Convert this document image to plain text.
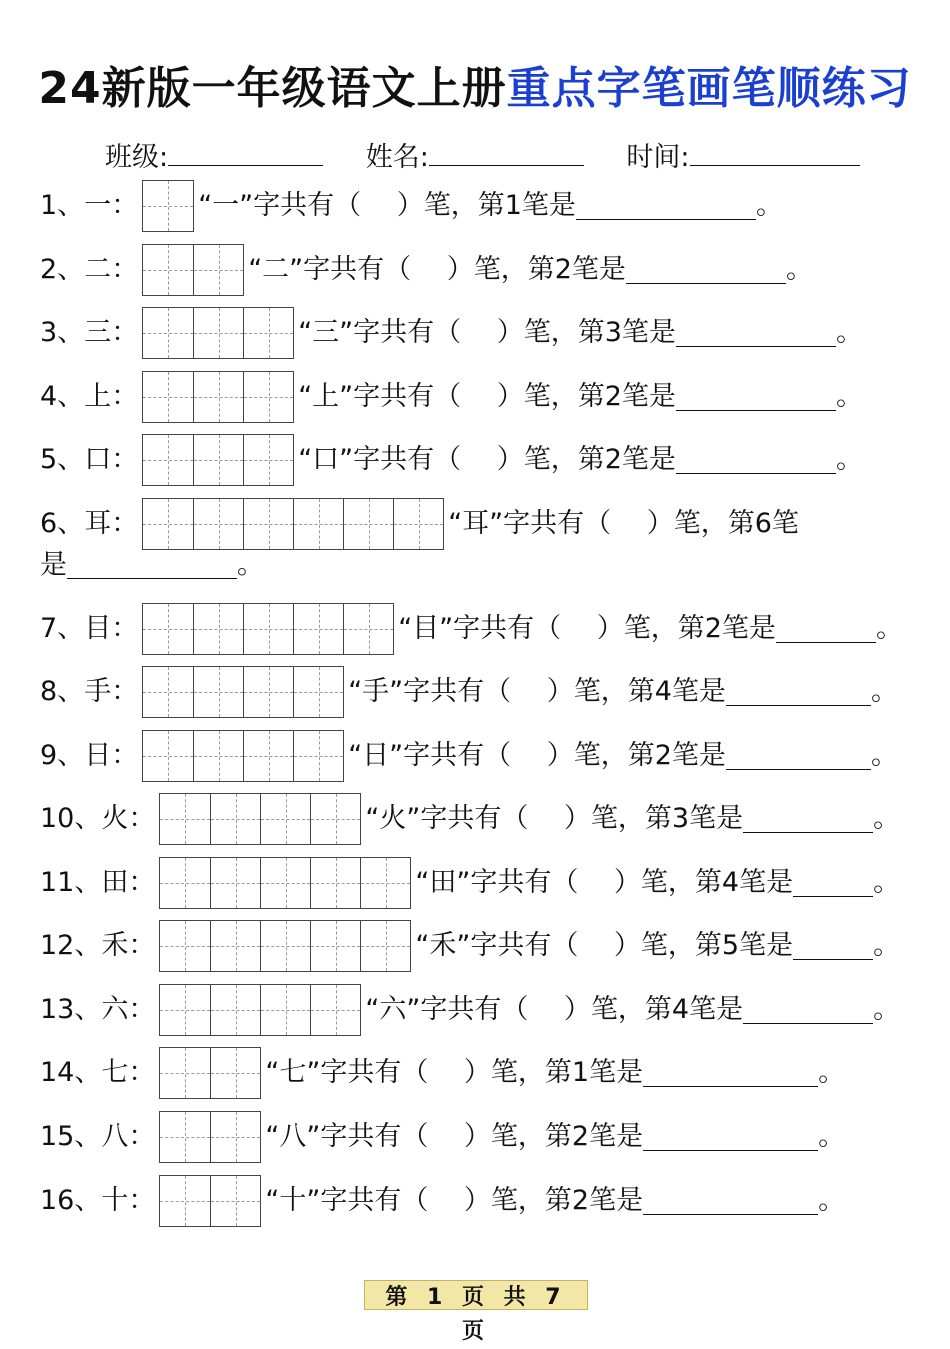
24新版一年级语文上册重点字笔画笔顺练习
班级:	姓名:	时间:
1、一： “一”字共有（　 ）笔，第1笔是	。
2、二：	“二”字共有（　 ）笔，第2笔是	。
3、三：	“三”字共有（　 ）笔，第3笔是	。
4、上：	“上”字共有（　 ）笔，第2笔是	。
5、口：	“口”字共有（　 ）笔，第2笔是	。
6、耳：	“耳”字共有（　 ）笔，第6笔
是	。
7、目：	“目”字共有（　 ）笔，第2笔是	。
8、手：	“手”字共有（　 ）笔，第4笔是	。
9、日：	“日”字共有（　 ）笔，第2笔是	。
10、火：	“火”字共有（　 ）笔，第3笔是	。
11、田：	“田”字共有（　 ）笔，第4笔是	。
12、禾：	“禾”字共有（　 ）笔，第5笔是	。
13、六：	“六”字共有（　 ）笔，第4笔是	。
14、七：	“七”字共有（　 ）笔，第1笔是	。
15、八：	“八”字共有（　 ）笔，第2笔是	。
16、十：	“十”字共有（　 ）笔，第2笔是	。
第 1 页 共 7 页
